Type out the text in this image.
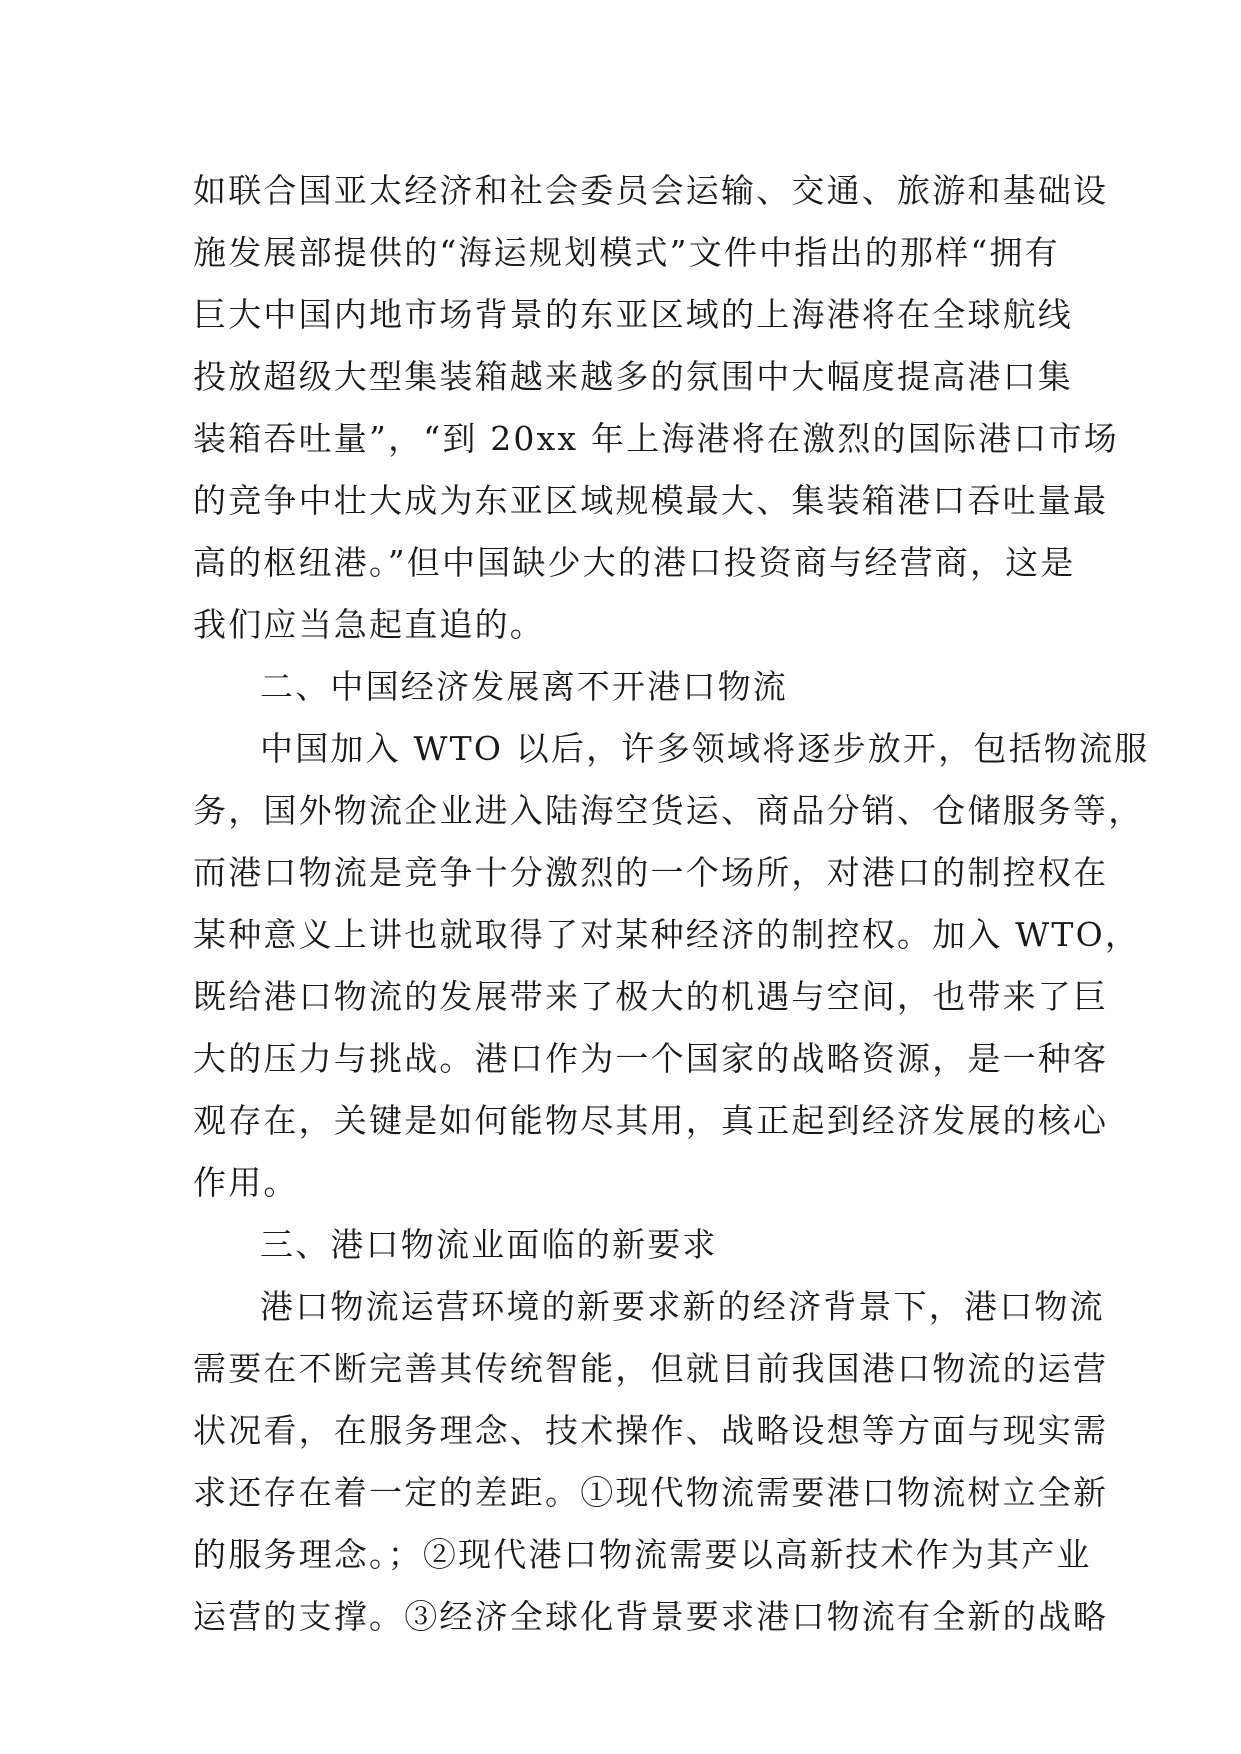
如联合国亚太经济和社会委员会运输、交通、旅游和基础设
施发展部提供的“海运规划模式”文件中指出的那样“拥有
巨大中国内地市场背景的东亚区域的上海港将在全球航线
投放超级大型集装箱越来越多的氛围中大幅度提高港口集
装箱吞吐量”，“到 20xx 年上海港将在激烈的国际港口市场
的竞争中壮大成为东亚区域规模最大、集装箱港口吞吐量最
高的枢纽港。”但中国缺少大的港口投资商与经营商，这是
我们应当急起直追的。
二、中国经济发展离不开港口物流
中国加入 WTO 以后，许多领域将逐步放开，包括物流服
务，国外物流企业进入陆海空货运、商品分销、仓储服务等，
而港口物流是竞争十分激烈的一个场所，对港口的制控权在
某种意义上讲也就取得了对某种经济的制控权。加入 WTO，
既给港口物流的发展带来了极大的机遇与空间，也带来了巨
大的压力与挑战。港口作为一个国家的战略资源，是一种客
观存在，关键是如何能物尽其用，真正起到经济发展的核心
作用。
三、港口物流业面临的新要求
港口物流运营环境的新要求新的经济背景下，港口物流
需要在不断完善其传统智能，但就目前我国港口物流的运营
状况看，在服务理念、技术操作、战略设想等方面与现实需
求还存在着一定的差距。①现代物流需要港口物流树立全新
的服务理念。；②现代港口物流需要以高新技术作为其产业
运营的支撑。③经济全球化背景要求港口物流有全新的战略
